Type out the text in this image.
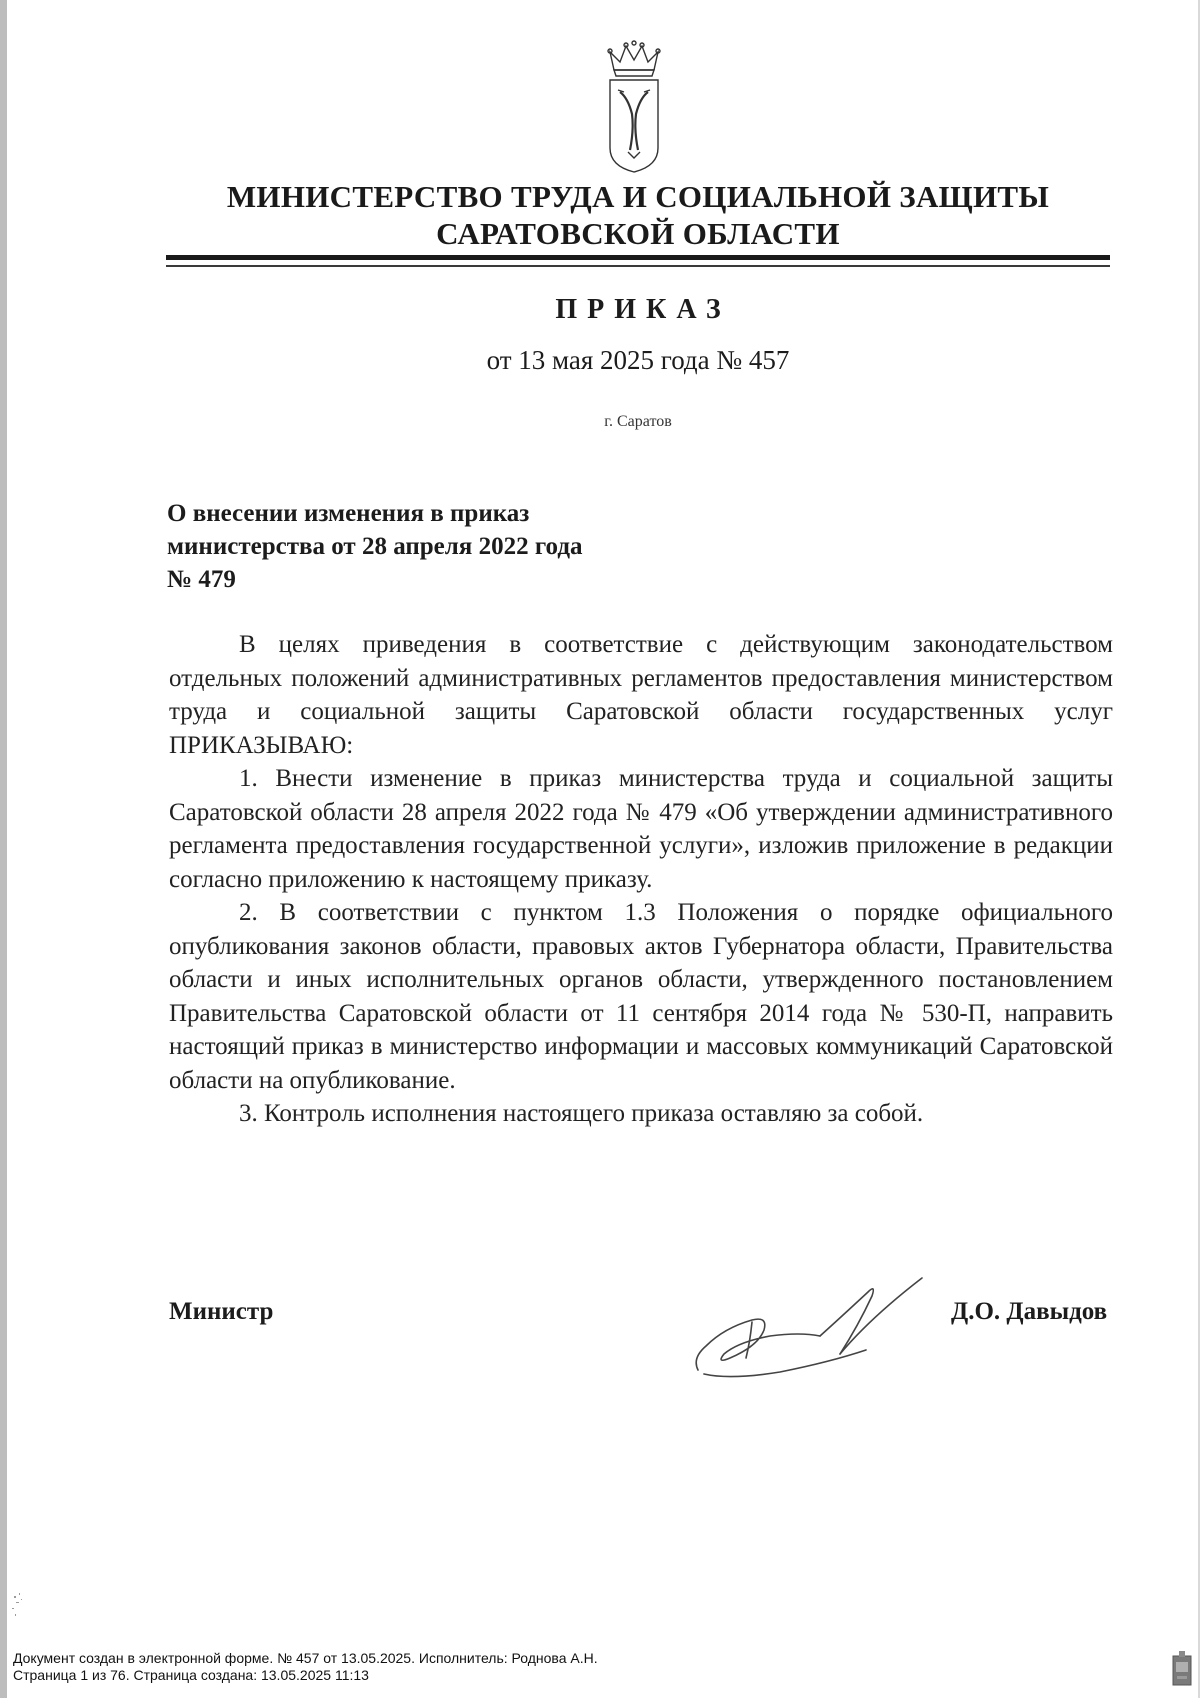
МИНИСТЕРСТВО ТРУДА И СОЦИАЛЬНОЙ ЗАЩИТЫ
САРАТОВСКОЙ ОБЛАСТИ
ПРИКАЗ
от 13 мая 2025 года № 457
г. Саратов
О внесении изменения в приказ
министерства от 28 апреля 2022 года
№ 479

В целях приведения в соответствие с действующим законодательством отдельных положений административных регламентов предоставления министерством труда и социальной защиты Саратовской области государственных услуг ПРИКАЗЫВАЮ:

1. Внести изменение в приказ министерства труда и социальной защиты Саратовской области 28 апреля 2022 года № 479 «Об утверждении административного регламента предоставления государственной услуги», изложив приложение в редакции согласно приложению к настоящему приказу.

2. В соответствии с пунктом 1.3 Положения о порядке официального опубликования законов области, правовых актов Губернатора области, Правительства области и иных исполнительных органов области, утвержденного постановлением Правительства Саратовской области от 11 сентября 2014 года № 530-П, направить настоящий приказ в министерство информации и массовых коммуникаций Саратовской области на опубликование.

3. Контроль исполнения настоящего приказа оставляю за собой.

Министр	Д.О. Давыдов
Документ создан в электронной форме. № 457 от 13.05.2025. Исполнитель: Роднова А.Н.
Страница 1 из 76. Страница создана: 13.05.2025 11:13
